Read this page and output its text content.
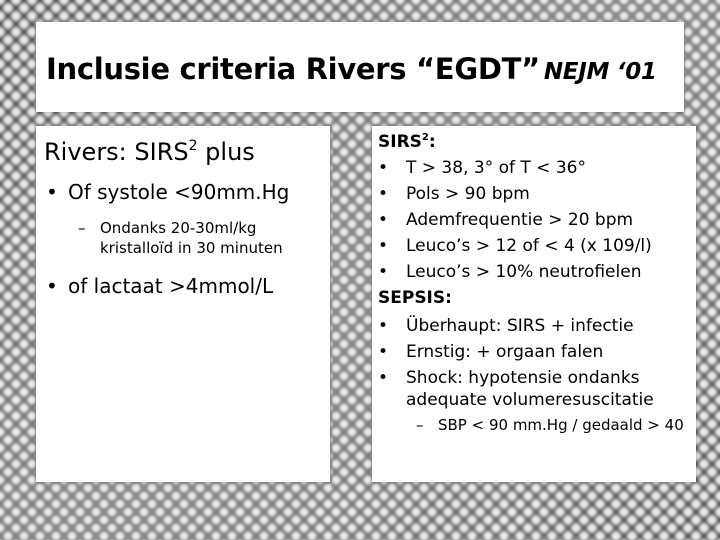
Inclusie criteria Rivers “EGDT” NEJM ‘01
Rivers: SIRS$^2$ plus
• Of systole <90mm.Hg
– Ondanks 20-30ml/kg
kristalloïd in 30 minuten
• of lactaat >4mmol/L
SIRS$^2$:
•	T > 38, 3° of T < 36°
•	Pols > 90 bpm
•	Ademfrequentie > 20 bpm
•	Leuco’s > 12 of < 4 (x 109/l)
•	Leuco’s > 10% neutrofielen
SEPSIS:
•	Überhaupt: SIRS + infectie
•	Ernstig: + orgaan falen
•	Shock: hypotensie ondanks
adequate volumeresuscitatie
– SBP < 90 mm.Hg / gedaald > 40
